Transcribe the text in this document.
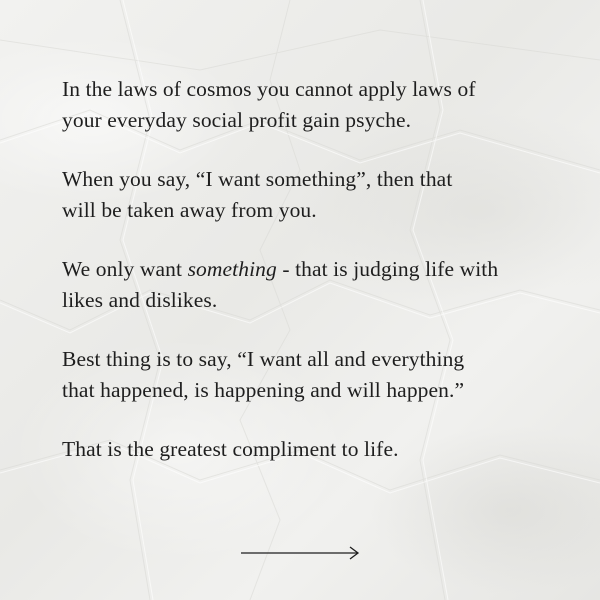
In the laws of cosmos you cannot apply laws of
your everyday social profit gain psyche.

When you say, “I want something”, then that
will be taken away from you.

We only want something - that is judging life with
likes and dislikes.

Best thing is to say, “I want all and everything
that happened, is happening and will happen.”

That is the greatest compliment to life.
